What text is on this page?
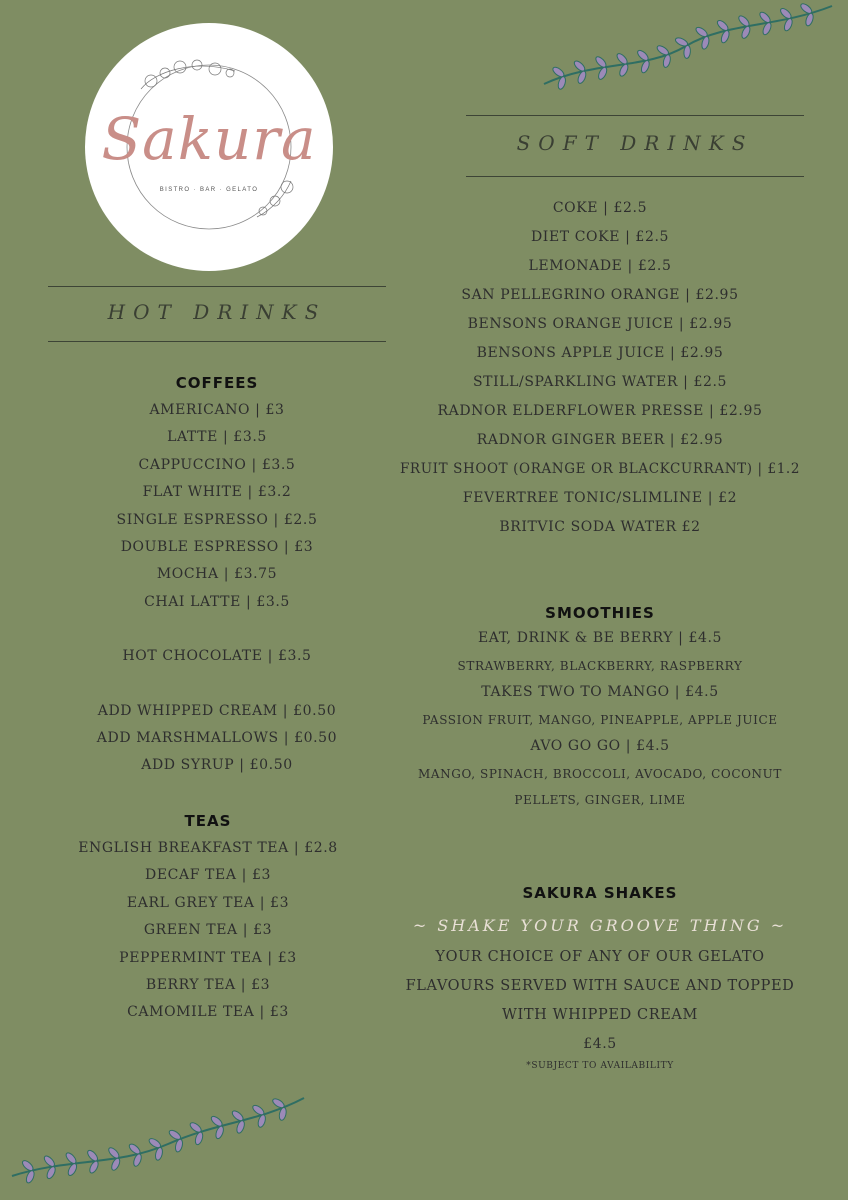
Sakura
BISTRO · BAR · GELATO
HOT DRINKS
COFFEES
AMERICANO | £3
LATTE | £3.5
CAPPUCCINO | £3.5
FLAT WHITE | £3.2
SINGLE ESPRESSO | £2.5
DOUBLE ESPRESSO | £3
MOCHA | £3.75
CHAI LATTE | £3.5
HOT CHOCOLATE | £3.5
ADD WHIPPED CREAM | £0.50
ADD MARSHMALLOWS | £0.50
ADD SYRUP | £0.50
TEAS
ENGLISH BREAKFAST TEA | £2.8
DECAF TEA | £3
EARL GREY TEA | £3
GREEN TEA | £3
PEPPERMINT TEA | £3
BERRY TEA | £3
CAMOMILE TEA | £3
SOFT DRINKS
COKE | £2.5
DIET COKE | £2.5
LEMONADE | £2.5
SAN PELLEGRINO ORANGE | £2.95
BENSONS ORANGE JUICE | £2.95
BENSONS APPLE JUICE | £2.95
STILL/SPARKLING WATER | £2.5
RADNOR ELDERFLOWER PRESSE | £2.95
RADNOR GINGER BEER | £2.95
FRUIT SHOOT (ORANGE OR BLACKCURRANT) | £1.2
FEVERTREE TONIC/SLIMLINE | £2
BRITVIC SODA WATER £2
SMOOTHIES
EAT, DRINK & BE BERRY | £4.5
STRAWBERRY, BLACKBERRY, RASPBERRY
TAKES TWO TO MANGO | £4.5
PASSION FRUIT, MANGO, PINEAPPLE, APPLE JUICE
AVO GO GO | £4.5
MANGO, SPINACH, BROCCOLI, AVOCADO, COCONUT
PELLETS, GINGER, LIME
SAKURA SHAKES
~ SHAKE YOUR GROOVE THING ~
YOUR CHOICE OF ANY OF OUR GELATO
FLAVOURS SERVED WITH SAUCE AND TOPPED
WITH WHIPPED CREAM
£4.5
*SUBJECT TO AVAILABILITY
